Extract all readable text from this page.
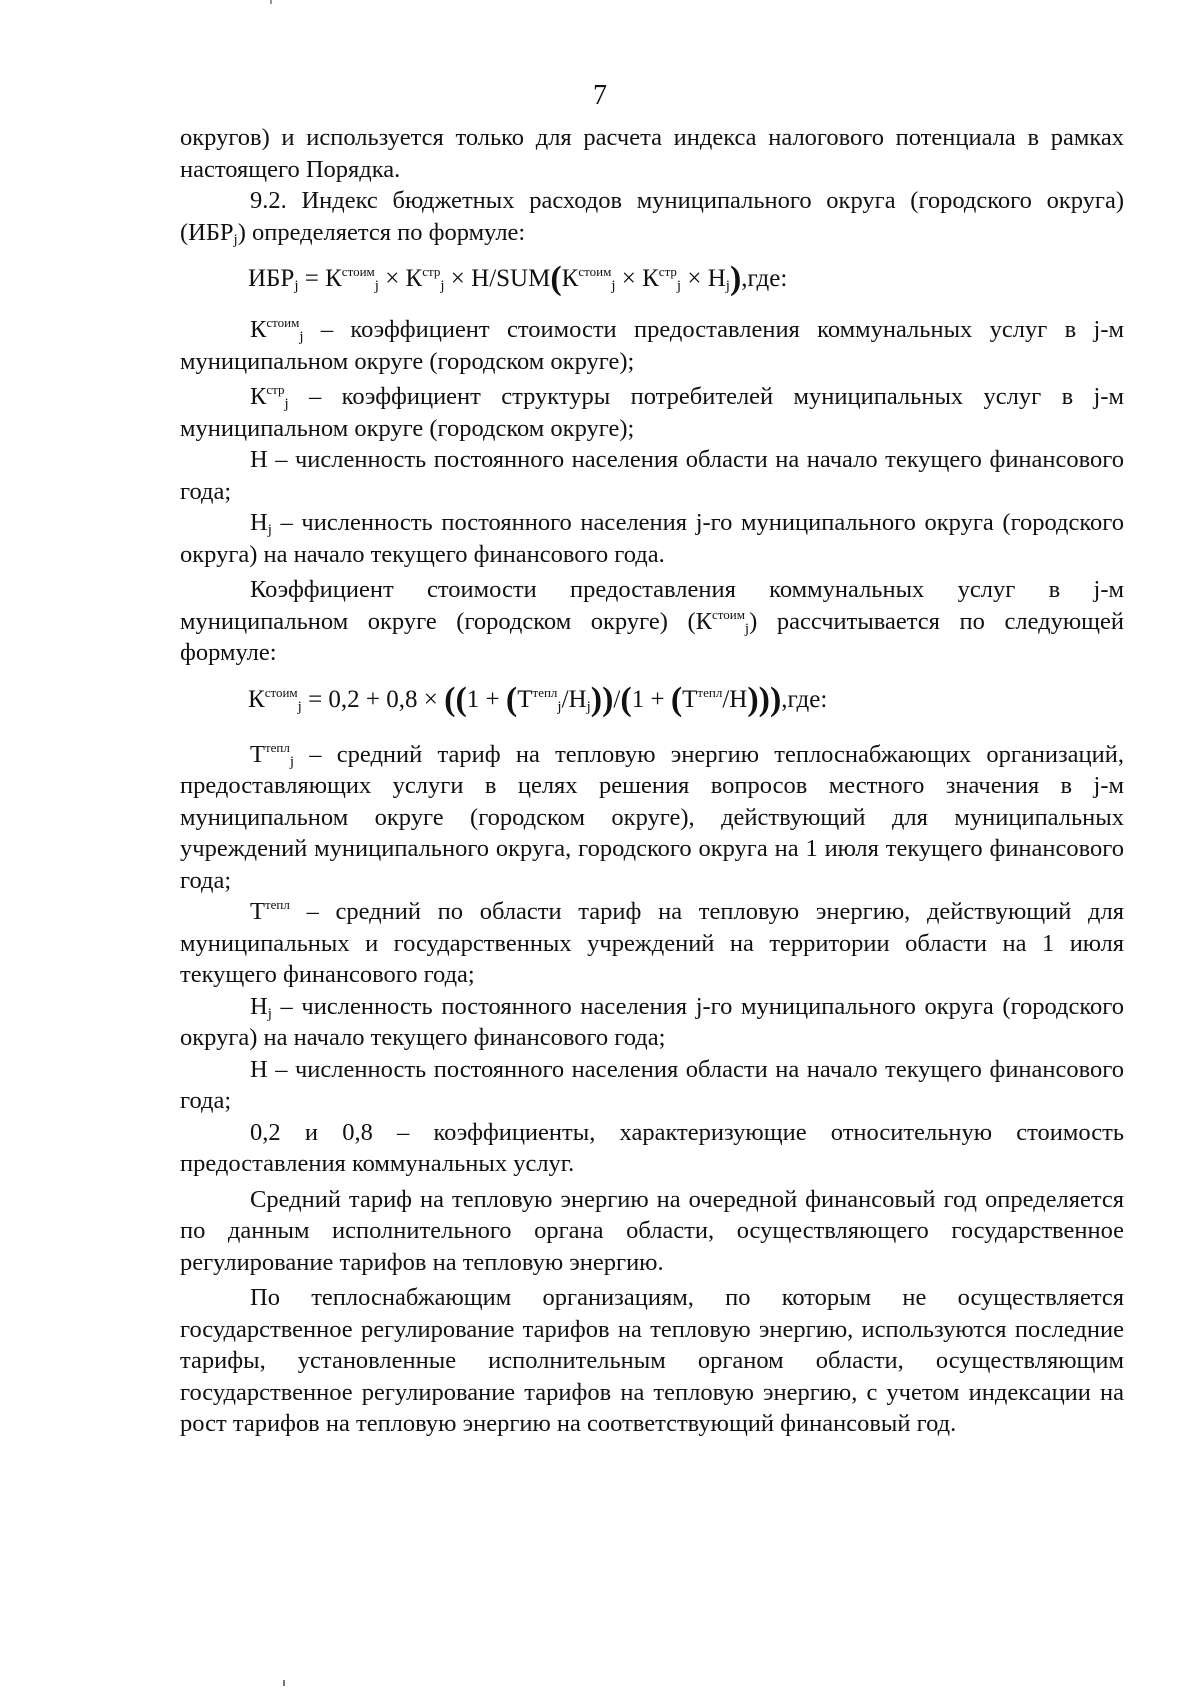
7

округов) и используется только для расчета индекса налогового потенциала в рамках настоящего Порядка.

9.2. Индекс бюджетных расходов муниципального округа (городского округа) $(ИБР_j)$ определяется по формуле:

$ИБР_j = К^{стоим}_j \times К^{стр}_j \times Н/SUM(К^{стоим}_j \times К^{стр}_j \times Н_j),где$:

$К^{стоим}_j$ – коэффициент стоимости предоставления коммунальных услуг в j-м муниципальном округе (городском округе);

$К^{стр}_j$ – коэффициент структуры потребителей муниципальных услуг в j-м муниципальном округе (городском округе);

Н – численность постоянного населения области на начало текущего финансового года;

$Н_j$ – численность постоянного населения j-го муниципального округа (городского округа) на начало текущего финансового года.

Коэффициент стоимости предоставления коммунальных услуг в j-м муниципальном округе (городском округе) $(К^{стоим}_j)$ рассчитывается по следующей формуле:

$К^{стоим}_j = 0,2 + 0,8 \times ((1 + (Т^{тепл}_j/Н_j))/(1 + (Т^{тепл}/Н))),где$:

$Т^{тепл}_j$ – средний тариф на тепловую энергию теплоснабжающих организаций, предоставляющих услуги в целях решения вопросов местного значения в j-м муниципальном округе (городском округе), действующий для муниципальных учреждений муниципального округа, городского округа на 1 июля текущего финансового года;

$Т^{тепл}$ – средний по области тариф на тепловую энергию, действующий для муниципальных и государственных учреждений на территории области на 1 июля текущего финансового года;

$Н_j$ – численность постоянного населения j-го муниципального округа (городского округа) на начало текущего финансового года;

Н – численность постоянного населения области на начало текущего финансового года;

0,2 и 0,8 – коэффициенты, характеризующие относительную стоимость предоставления коммунальных услуг.

Средний тариф на тепловую энергию на очередной финансовый год определяется по данным исполнительного органа области, осуществляющего государственное регулирование тарифов на тепловую энергию.

По теплоснабжающим организациям, по которым не осуществляется государственное регулирование тарифов на тепловую энергию, используются последние тарифы, установленные исполнительным органом области, осуществляющим государственное регулирование тарифов на тепловую энергию, с учетом индексации на рост тарифов на тепловую энергию на соответствующий финансовый год.
